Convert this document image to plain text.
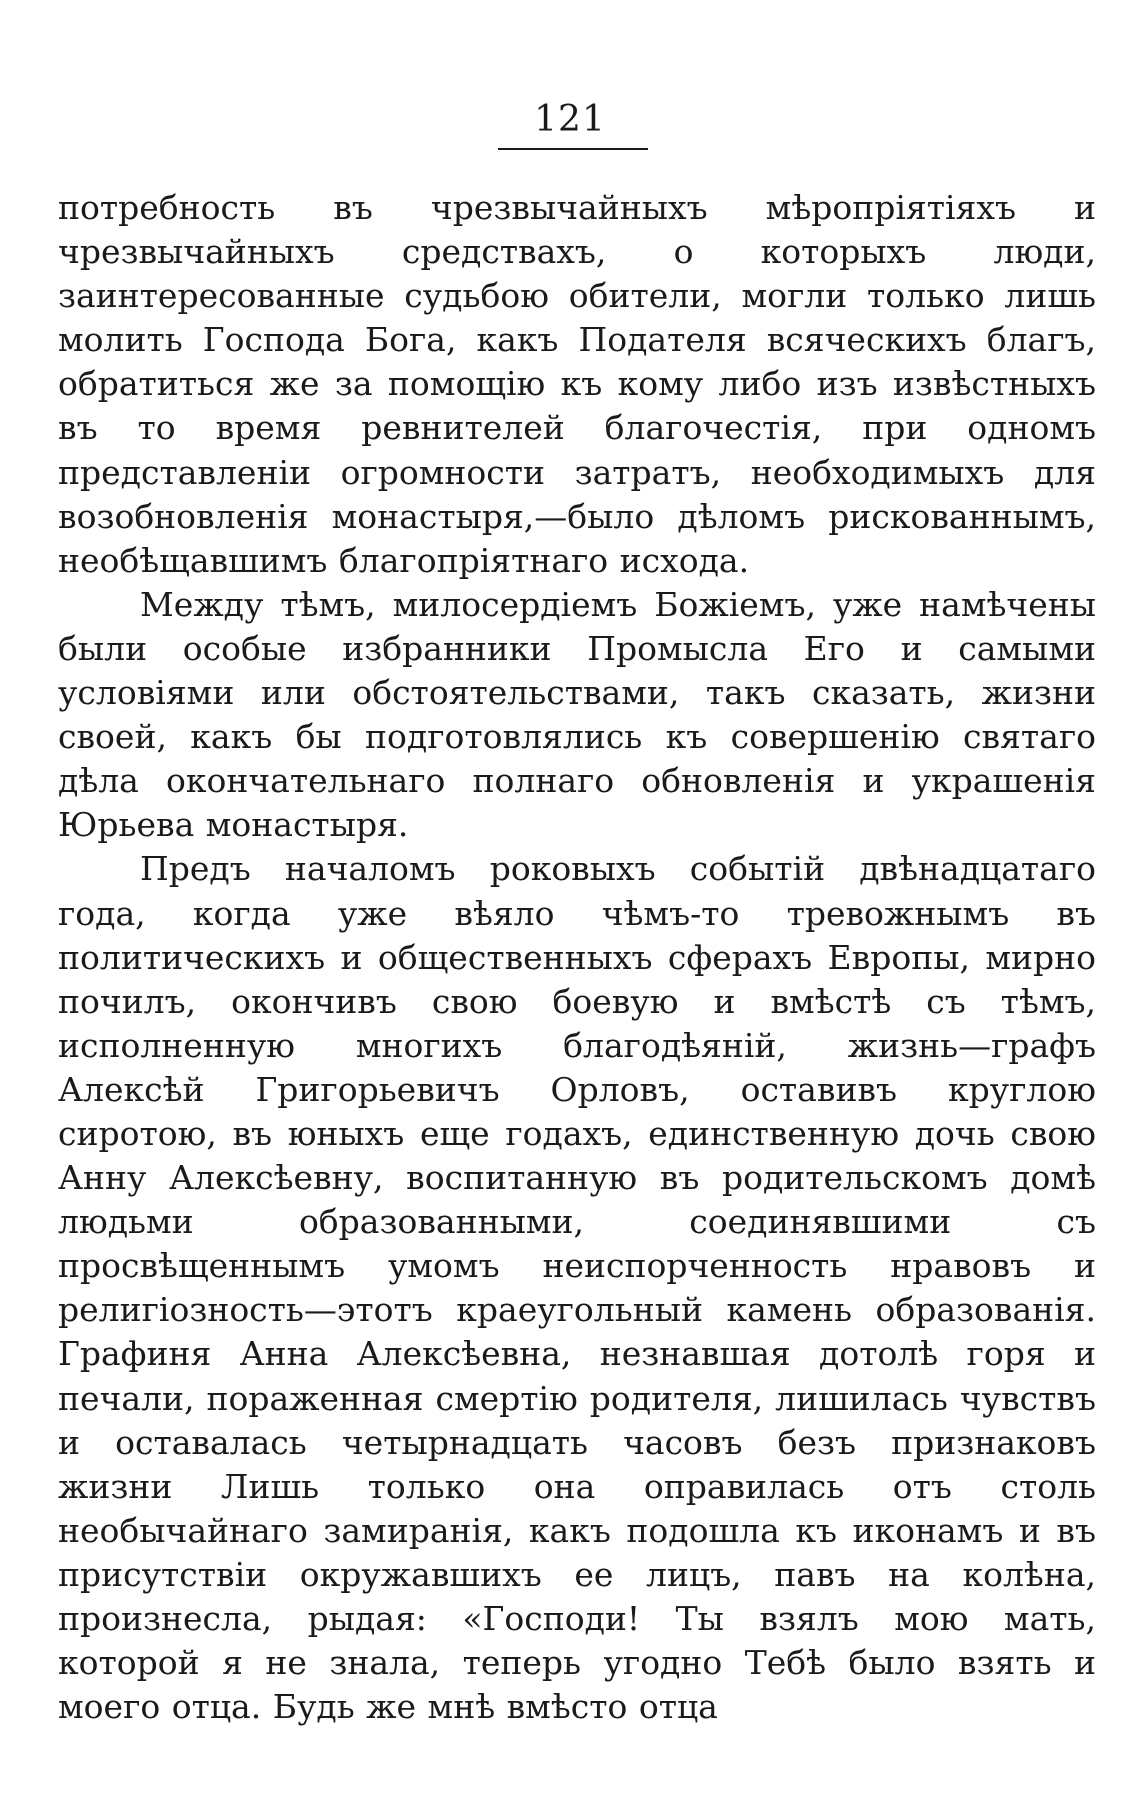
121

потребность въ чрезвычайныхъ мѣропріятіяхъ и чрезвычайныхъ средствахъ, о которыхъ люди, заинтересованные судьбою обители, могли только лишь молить Господа Бога, какъ Подателя всяческихъ благъ, обратиться же за помощію къ кому либо изъ извѣстныхъ въ то время ревнителей благочестія, при одномъ представленіи огромности затратъ, необходимыхъ для возобновленія монастыря,—было дѣломъ рискованнымъ, необѣщавшимъ благопріятнаго исхода.

Между тѣмъ, милосердіемъ Божіемъ, уже намѣчены были особые избранники Промысла Его и самыми условіями или обстоятельствами, такъ сказать, жизни своей, какъ бы подготовлялись къ совершенію святаго дѣла окончательнаго полнаго обновленія и украшенія Юрьева монастыря.

Предъ началомъ роковыхъ событій двѣнадцатаго года, когда уже вѣяло чѣмъ-то тревожнымъ въ политическихъ и общественныхъ сферахъ Европы, мирно почилъ, окончивъ свою боевую и вмѣстѣ съ тѣмъ, исполненную многихъ благодѣяній, жизнь—графъ Алексѣй Григорьевичъ Орловъ, оставивъ круглою сиротою, въ юныхъ еще годахъ, единственную дочь свою Анну Алексѣевну, воспитанную въ родительскомъ домѣ людьми образованными, соединявшими съ просвѣщеннымъ умомъ неиспорченность нравовъ и религіозность—этотъ краеугольный камень образованія. Графиня Анна Алексѣевна, незнавшая дотолѣ горя и печали, пораженная смертію родителя, лишилась чувствъ и оставалась четырнадцать часовъ безъ признаковъ жизни Лишь только она оправилась отъ столь необычайнаго замиранія, какъ подошла къ иконамъ и въ присутствіи окружавшихъ ее лицъ, павъ на колѣна, произнесла, рыдая: «Господи! Ты взялъ мою мать, которой я не знала, теперь угодно Тебѣ было взять и моего отца. Будь же мнѣ вмѣсто отца
